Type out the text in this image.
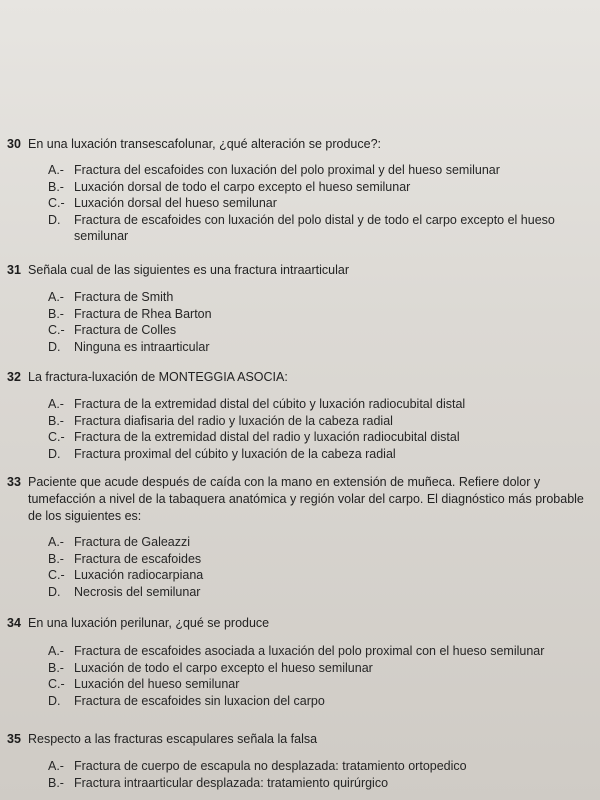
30 En una luxación transescafolunar, ¿qué alteración se produce?:
A.- Fractura del escafoides con luxación del polo proximal y del hueso semilunar
B.- Luxación dorsal de todo el carpo excepto el hueso semilunar
C.- Luxación dorsal del hueso semilunar
D. Fractura de escafoides con luxación del polo distal y de todo el carpo excepto el hueso semilunar
31 Señala cual de las siguientes es una fractura intraarticular
A.- Fractura de Smith
B.- Fractura de Rhea Barton
C.- Fractura de Colles
D. Ninguna es intraarticular
32 La fractura-luxación de MONTEGGIA ASOCIA:
A.- Fractura de la extremidad distal del cúbito y luxación radiocubital distal
B.- Fractura diafisaria del radio y luxación de la cabeza radial
C.- Fractura de la extremidad distal del radio y luxación radiocubital distal
D. Fractura proximal del cúbito y luxación de la cabeza radial
33 Paciente que acude después de caída con la mano en extensión de muñeca. Refiere dolor y tumefacción a nivel de la tabaquera anatómica y región volar del carpo. El diagnóstico más probable de los siguientes es:
A.- Fractura de Galeazzi
B.- Fractura de escafoides
C.- Luxación radiocarpiana
D. Necrosis del semilunar
34 En una luxación perilunar, ¿qué se produce
A.- Fractura de escafoides asociada a luxación del polo proximal con el hueso semilunar
B.- Luxación de todo el carpo excepto el hueso semilunar
C.- Luxación del hueso semilunar
D. Fractura de escafoides sin luxacion del carpo
35 Respecto a las fracturas escapulares señala la falsa
A.- Fractura de cuerpo de escapula no desplazada: tratamiento ortopedico
B.- Fractura intraarticular desplazada: tratamiento quirúrgico
